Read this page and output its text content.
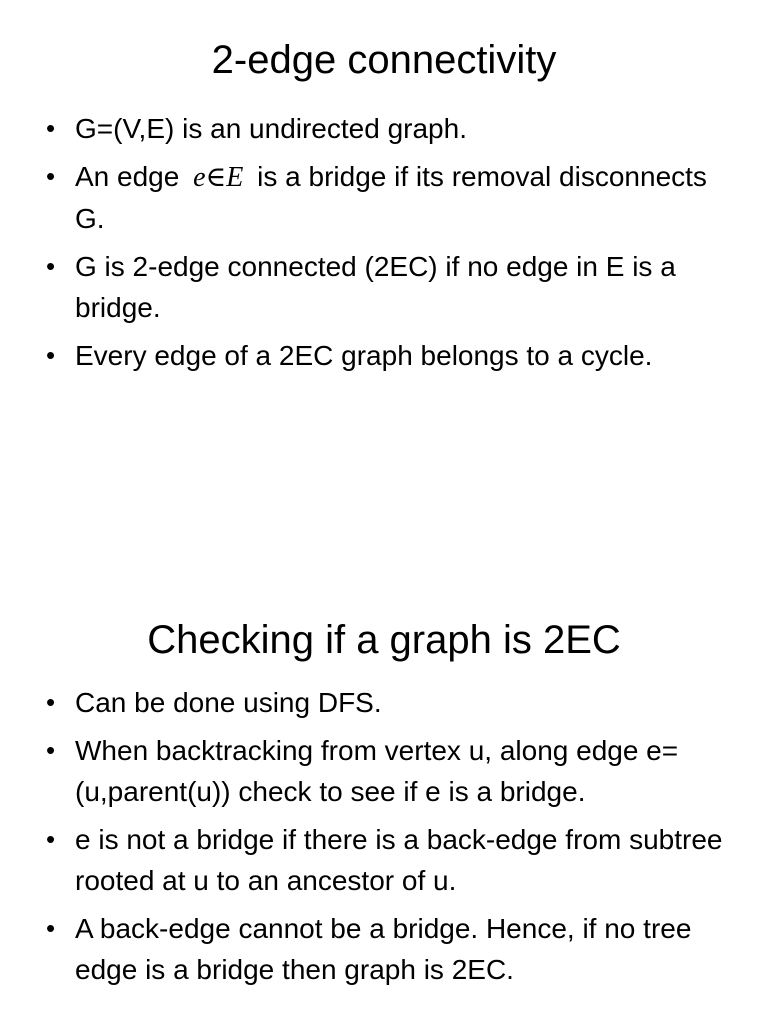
2-edge connectivity
• G=(V,E) is an undirected graph.
• An edge e∈E is a bridge if its removal disconnects G.
• G is 2-edge connected (2EC) if no edge in E is a bridge.
• Every edge of a 2EC graph belongs to a cycle.
Checking if a graph is 2EC
• Can be done using DFS.
• When backtracking from vertex u, along edge e=(u,parent(u)) check to see if e is a bridge.
• e is not a bridge if there is a back-edge from subtree rooted at u to an ancestor of u.
• A back-edge cannot be a bridge. Hence, if no tree edge is a bridge then graph is 2EC.
